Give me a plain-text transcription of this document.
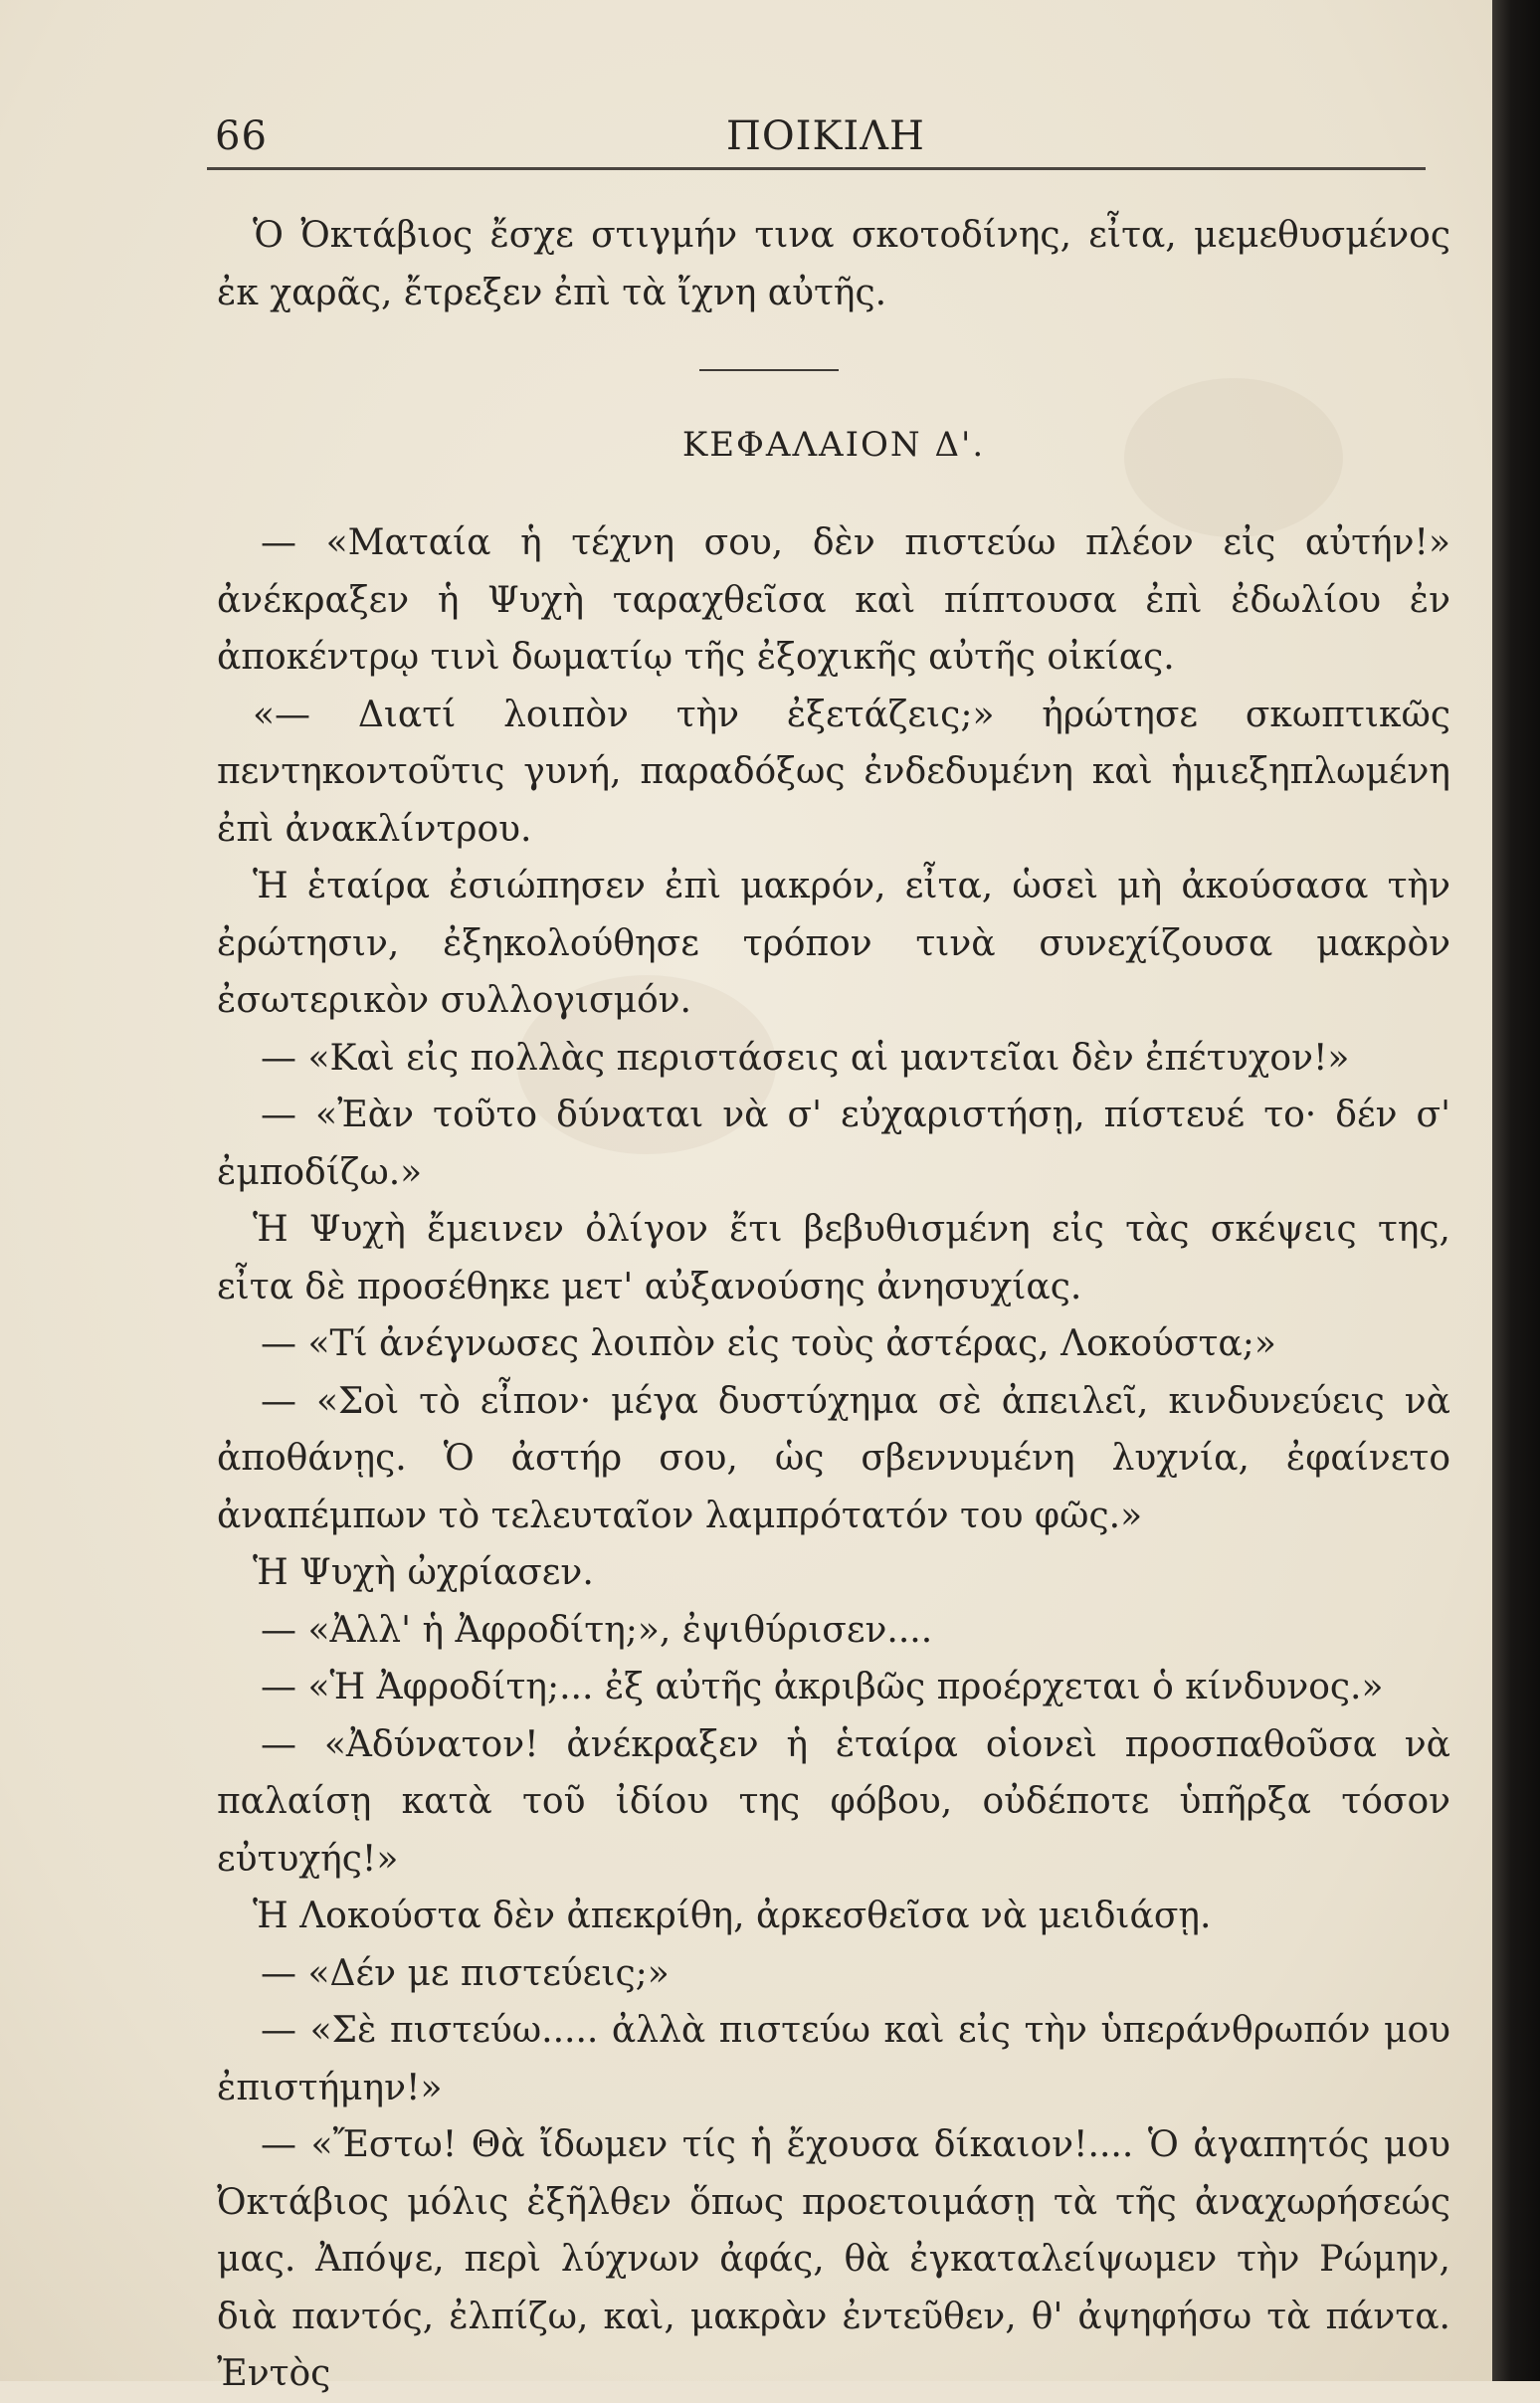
66	ΠΟΙΚΙΛΗ

Ὁ Ὀκτάβιος ἔσχε στιγμήν τινα σκοτοδίνης, εἶτα, μεμεθυσμένος ἐκ χαρᾶς, ἔτρεξεν ἐπὶ τὰ ἴχνη αὐτῆς.

ΚΕΦΑΛΑΙΟΝ Δ'.

— «Ματαία ἡ τέχνη σου, δὲν πιστεύω πλέον εἰς αὐτήν!» ἀνέκραξεν ἡ Ψυχὴ ταραχθεῖσα καὶ πίπτουσα ἐπὶ ἐδωλίου ἐν ἀποκέντρῳ τινὶ δωματίῳ τῆς ἐξοχικῆς αὐτῆς οἰκίας.

«— Διατί λοιπὸν τὴν ἐξετάζεις;» ἠρώτησε σκωπτικῶς πεντηκοντοῦτις γυνή, παραδόξως ἐνδεδυμένη καὶ ἡμιεξηπλωμένη ἐπὶ ἀνακλίντρου.

Ἡ ἑταίρα ἐσιώπησεν ἐπὶ μακρόν, εἶτα, ὡσεὶ μὴ ἀκούσασα τὴν ἐρώτησιν, ἐξηκολούθησε τρόπον τινὰ συνεχίζουσα μακρὸν ἐσωτερικὸν συλλογισμόν.

— «Καὶ εἰς πολλὰς περιστάσεις αἱ μαντεῖαι δὲν ἐπέτυχον!»

— «Ἐὰν τοῦτο δύναται νὰ σ' εὐχαριστήσῃ, πίστευέ το· δέν σ' ἐμποδίζω.»

Ἡ Ψυχὴ ἔμεινεν ὀλίγον ἔτι βεβυθισμένη εἰς τὰς σκέψεις της, εἶτα δὲ προσέθηκε μετ' αὐξανούσης ἀνησυχίας.

— «Τί ἀνέγνωσες λοιπὸν εἰς τοὺς ἀστέρας, Λοκούστα;»

— «Σοὶ τὸ εἶπον· μέγα δυστύχημα σὲ ἀπειλεῖ, κινδυνεύεις νὰ ἀποθάνῃς. Ὁ ἀστήρ σου, ὡς σβεννυμένη λυχνία, ἐφαίνετο ἀναπέμπων τὸ τελευταῖον λαμπρότατόν του φῶς.»

Ἡ Ψυχὴ ὠχρίασεν.

— «Ἀλλ' ἡ Ἀφροδίτη;», ἐψιθύρισεν....

— «Ἡ Ἀφροδίτη;... ἐξ αὐτῆς ἀκριβῶς προέρχεται ὁ κίνδυνος.»

— «Ἀδύνατον! ἀνέκραξεν ἡ ἑταίρα οἱονεὶ προσπαθοῦσα νὰ παλαίσῃ κατὰ τοῦ ἰδίου της φόβου, οὐδέποτε ὑπῆρξα τόσον εὐτυχής!»

Ἡ Λοκούστα δὲν ἀπεκρίθη, ἀρκεσθεῖσα νὰ μειδιάσῃ.

— «Δέν με πιστεύεις;»

— «Σὲ πιστεύω..... ἀλλὰ πιστεύω καὶ εἰς τὴν ὑπεράνθρωπόν μου ἐπιστήμην!»

— «Ἔστω! Θὰ ἴδωμεν τίς ἡ ἔχουσα δίκαιον!.... Ὁ ἀγαπητός μου Ὀκτάβιος μόλις ἐξῆλθεν ὅπως προετοιμάσῃ τὰ τῆς ἀναχωρήσεώς μας. Ἀπόψε, περὶ λύχνων ἀφάς, θὰ ἐγκαταλείψωμεν τὴν Ρώμην, διὰ παντός, ἐλπίζω, καὶ, μακρὰν ἐντεῦθεν, θ' ἀψηφήσω τὰ πάντα. Ἐντὸς
